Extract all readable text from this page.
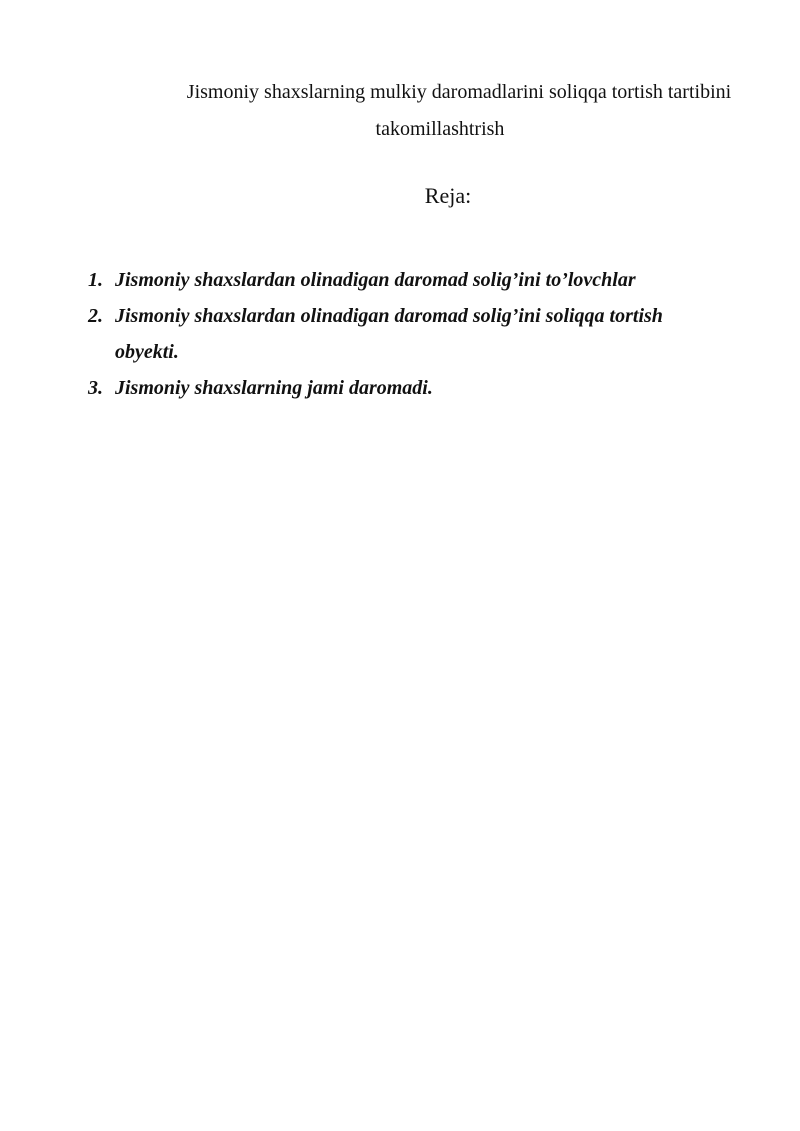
Jismoniy shaxslarning mulkiy daromadlarini soliqqa tortish tartibini
takomillashtrish
Reja:
1. Jismoniy shaxslardan olinadigan daromad solig’ini to’lovchlar
2. Jismoniy shaxslardan olinadigan daromad solig’ini soliqqa tortish obyekti.
3. Jismoniy shaxslarning jami daromadi.
